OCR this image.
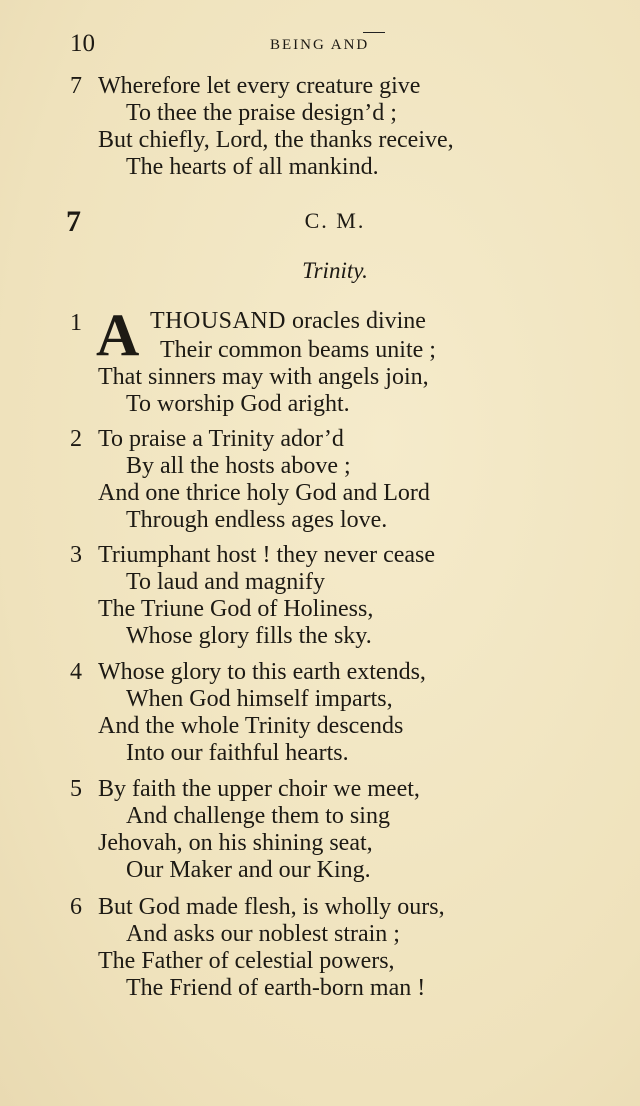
10	BEING AND
7 Wherefore let every creature give
To thee the praise design’d ;
But chiefly, Lord, the thanks receive,
The hearts of all mankind.
7	C. M.
Trinity.
1 A THOUSAND oracles divine
Their common beams unite ;
That sinners may with angels join,
To worship God aright.
2 To praise a Trinity ador’d
By all the hosts above ;
And one thrice holy God and Lord
Through endless ages love.
3 Triumphant host ! they never cease
To laud and magnify
The Triune God of Holiness,
Whose glory fills the sky.
4 Whose glory to this earth extends,
When God himself imparts,
And the whole Trinity descends
Into our faithful hearts.
5 By faith the upper choir we meet,
And challenge them to sing
Jehovah, on his shining seat,
Our Maker and our King.
6 But God made flesh, is wholly ours,
And asks our noblest strain ;
The Father of celestial powers,
The Friend of earth-born man !
